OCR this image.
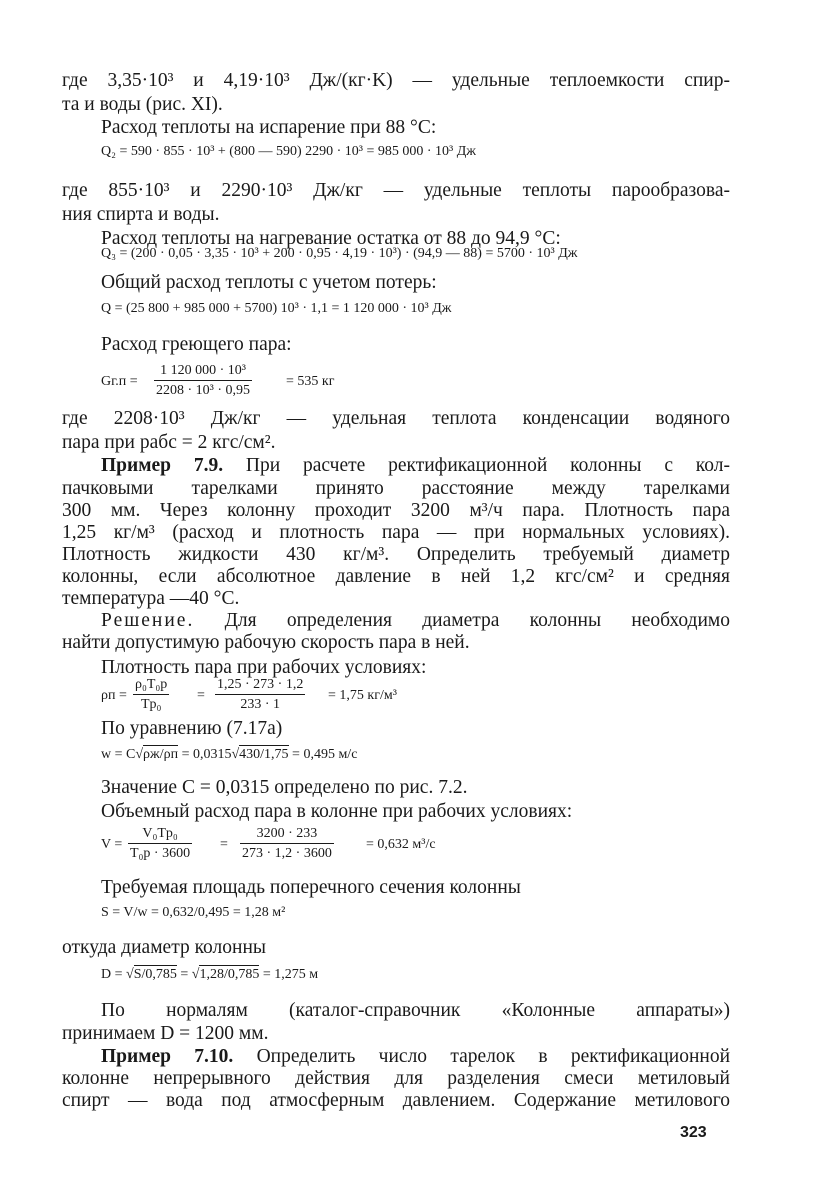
где 3,35·10³ и 4,19·10³ Дж/(кг·K) — удельные теплоемкости спир-
та и воды (рис. XI).
Расход теплоты на испарение при 88 °C:
Q₂ = 590 · 855 · 10³ + (800 — 590) 2290 · 10³ = 985 000 · 10³ Дж
где 855·10³ и 2290·10³ Дж/кг — удельные теплоты парообразова-
ния спирта и воды.
Расход теплоты на нагревание остатка от 88 до 94,9 °C:
Q₃ = (200 · 0,05 · 3,35 · 10³ + 200 · 0,95 · 4,19 · 10³) · (94,9 — 88) = 5700 · 10³ Дж
Общий расход теплоты с учетом потерь:
Q = (25 800 + 985 000 + 5700) 10³ · 1,1 = 1 120 000 · 10³ Дж
Расход греющего пара:
$Gг.п = \frac{\text{1 120 000 · 10³}}{\text{2208 · 10³ · 0,95}} = 535$ кг
где 2208·10³ Дж/кг — удельная теплота конденсации водяного
пара при pабс = 2 кгс/см².
Пример 7.9. При расчете ректификационной колонны с кол-
пачковыми тарелками принято расстояние между тарелками
300 мм. Через колонну проходит 3200 м³/ч пара. Плотность пара
1,25 кг/м³ (расход и плотность пара — при нормальных условиях).
Плотность жидкости 430 кг/м³. Определить требуемый диаметр
колонны, если абсолютное давление в ней 1,2 кгс/см² и средняя
температура —40 °C.
Решение. Для определения диаметра колонны необходимо
найти допустимую рабочую скорость пара в ней.
Плотность пара при рабочих условиях:
$\rho п = \frac{\text{ρ₀T₀p}}{\text{Tp₀}} = \frac{1,25 \cdot 273 \cdot 1,2}{233 \cdot 1} = 1,75$ кг/м³
По уравнению (7.17а)
w = C√ρж/ρп = 0,0315√430/1,75 = 0,495 м/с
Значение C = 0,0315 определено по рис. 7.2.
Объемный расход пара в колонне при рабочих условиях:
$V = \frac{\text{V₀Tp₀}}{\text{T₀p · 3600}} = \frac{3200 \cdot 233}{273 \cdot 1,2 \cdot 3600} = 0,632$ м³/с
Требуемая площадь поперечного сечения колонны
S = V/w = 0,632/0,495 = 1,28 м²
откуда диаметр колонны
D = √S/0,785 = √1,28/0,785 = 1,275 м
По нормалям (каталог-справочник «Колонные аппараты»)
принимаем D = 1200 мм.
Пример 7.10. Определить число тарелок в ректификационной
колонне непрерывного действия для разделения смеси метиловый
спирт — вода под атмосферным давлением. Содержание метилового
323
